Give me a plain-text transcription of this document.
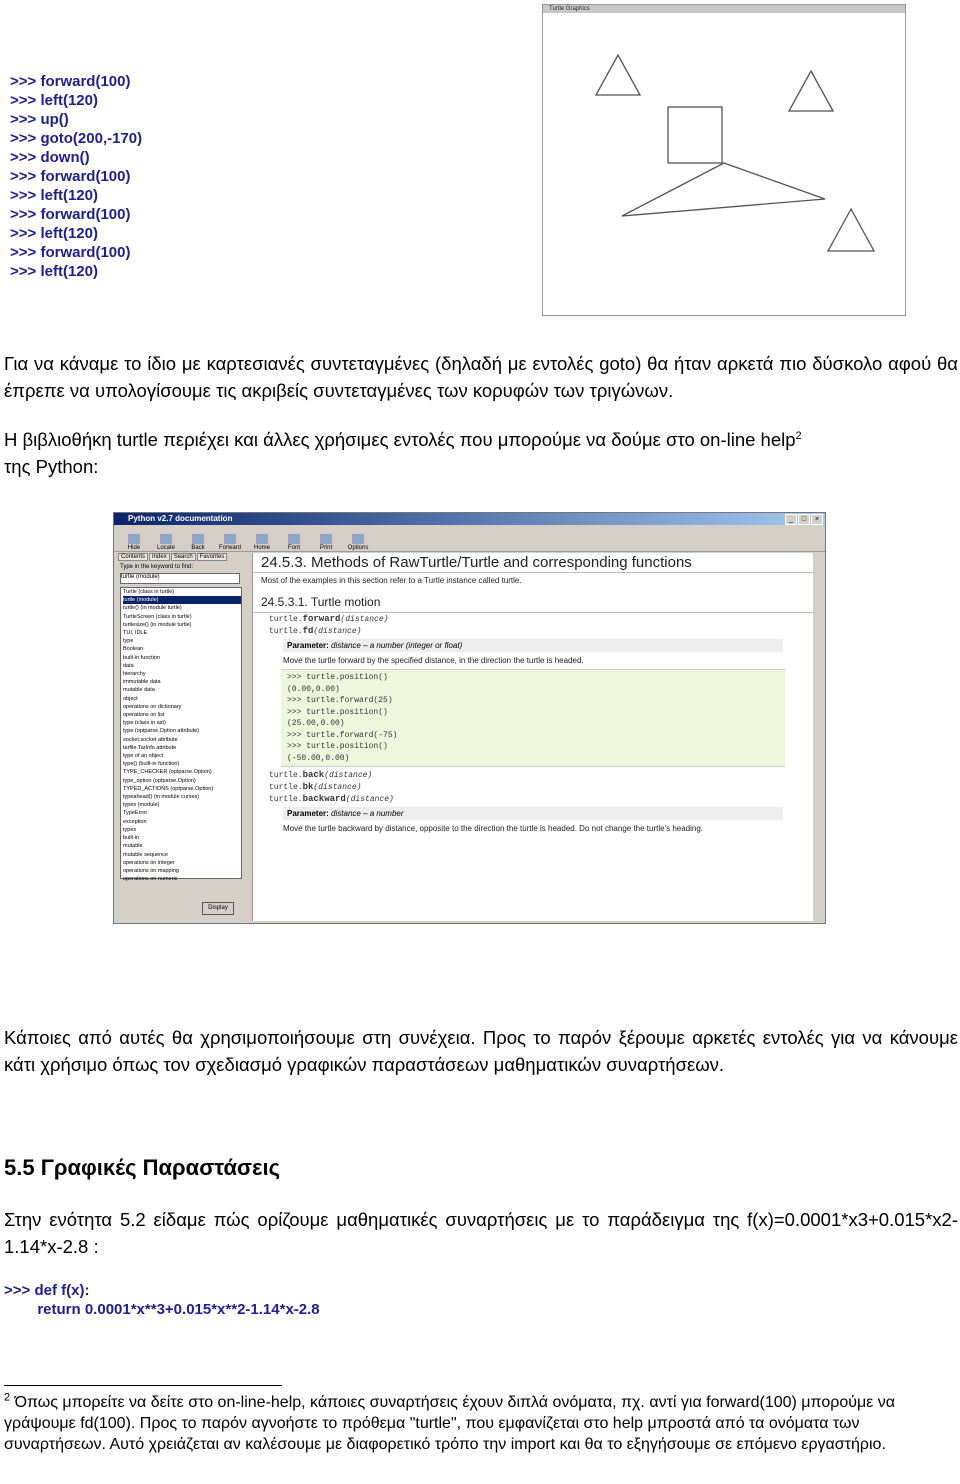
>>> forward(100)
>>> left(120)
>>> up()
>>> goto(200,-170)
>>> down()
>>> forward(100)
>>> left(120)
>>> forward(100)
>>> left(120)
>>> forward(100)
>>> left(120)
Turtle Graphics
Για να κάναμε το ίδιο με καρτεσιανές συντεταγμένες (δηλαδή με εντολές goto) θα ήταν αρκετά πιο δύσκολο αφού θα έπρεπε να υπολογίσουμε τις ακριβείς συντεταγμένες των κορυφών των τριγώνων.
Η βιβλιοθήκη turtle περιέχει και άλλες χρήσιμες εντολές που μπορούμε να δούμε στο on-line help$^2$
της Python:
Python v2.7 documentation	_	□	×
Hide	Locate	Back Forward Home	Font	Print	Options
Contents	Index	Search	Favorites
Type in the keyword to find:
turtle (module)
Turtle (class in turtle)
turtle (module)
turtle() (in module turtle)
TurtleScreen (class in turtle)
turtlesize() (in module turtle)
TUI, IDLE
type
Boolean
built-in function
data
hierarchy
immutable data
mutable data
object
operations on dictionary
operations on list
type (class in ast)
type (optparse.Option attribute)
socket.socket attribute
tarfile.TarInfo attribute
type of an object
type() (built-in function)
TYPE_CHECKER (optparse.Option)
type_option (optparse.Option)
TYPED_ACTIONS (optparse.Option)
typeahead() (in module curses)
types (module)
TypeError
exception
types
built-in
mutable
mutable sequence
operations on integer
operations on mapping
operations on numeric
Display
24.5.3. Methods of RawTurtle/Turtle and corresponding functions
Most of the examples in this section refer to a Turtle instance called turtle.
24.5.3.1. Turtle motion
turtle.forward(distance)
turtle.fd(distance)
Parameter: distance – a number (integer or float)
Move the turtle forward by the specified distance, in the direction the turtle is headed.
>>> turtle.position()
(0.00,0.00)
>>> turtle.forward(25)
>>> turtle.position()
(25.00,0.00)
>>> turtle.forward(-75)
>>> turtle.position()
(-50.00,0.00)
turtle.back(distance)
turtle.bk(distance)
turtle.backward(distance)
Parameter: distance – a number
Move the turtle backward by distance, opposite to the direction the turtle is headed. Do not change the turtle's heading.
Κάποιες από αυτές θα χρησιμοποιήσουμε στη συνέχεια. Προς το παρόν ξέρουμε αρκετές εντολές για να κάνουμε κάτι χρήσιμο όπως τον σχεδιασμό γραφικών παραστάσεων μαθηματικών συναρτήσεων.
5.5 Γραφικές Παραστάσεις
Στην ενότητα 5.2 είδαμε πώς ορίζουμε μαθηματικές συναρτήσεις με το παράδειγμα της f(x)=0.0001*x3+0.015*x2-1.14*x-2.8 :
>>> def f(x):
return 0.0001*x**3+0.015*x**2-1.14*x-2.8
$^2$ Όπως μπορείτε να δείτε στο on-line-help, κάποιες συναρτήσεις έχουν διπλά ονόματα, πχ. αντί για forward(100) μπορούμε να γράψουμε fd(100). Προς το παρόν αγνοήστε το πρόθεμα "turtle", που εμφανίζεται στο help μπροστά από τα ονόματα των συναρτήσεων. Αυτό χρειάζεται αν καλέσουμε με διαφορετικό τρόπο την import και θα το εξηγήσουμε σε επόμενο εργαστήριο.
